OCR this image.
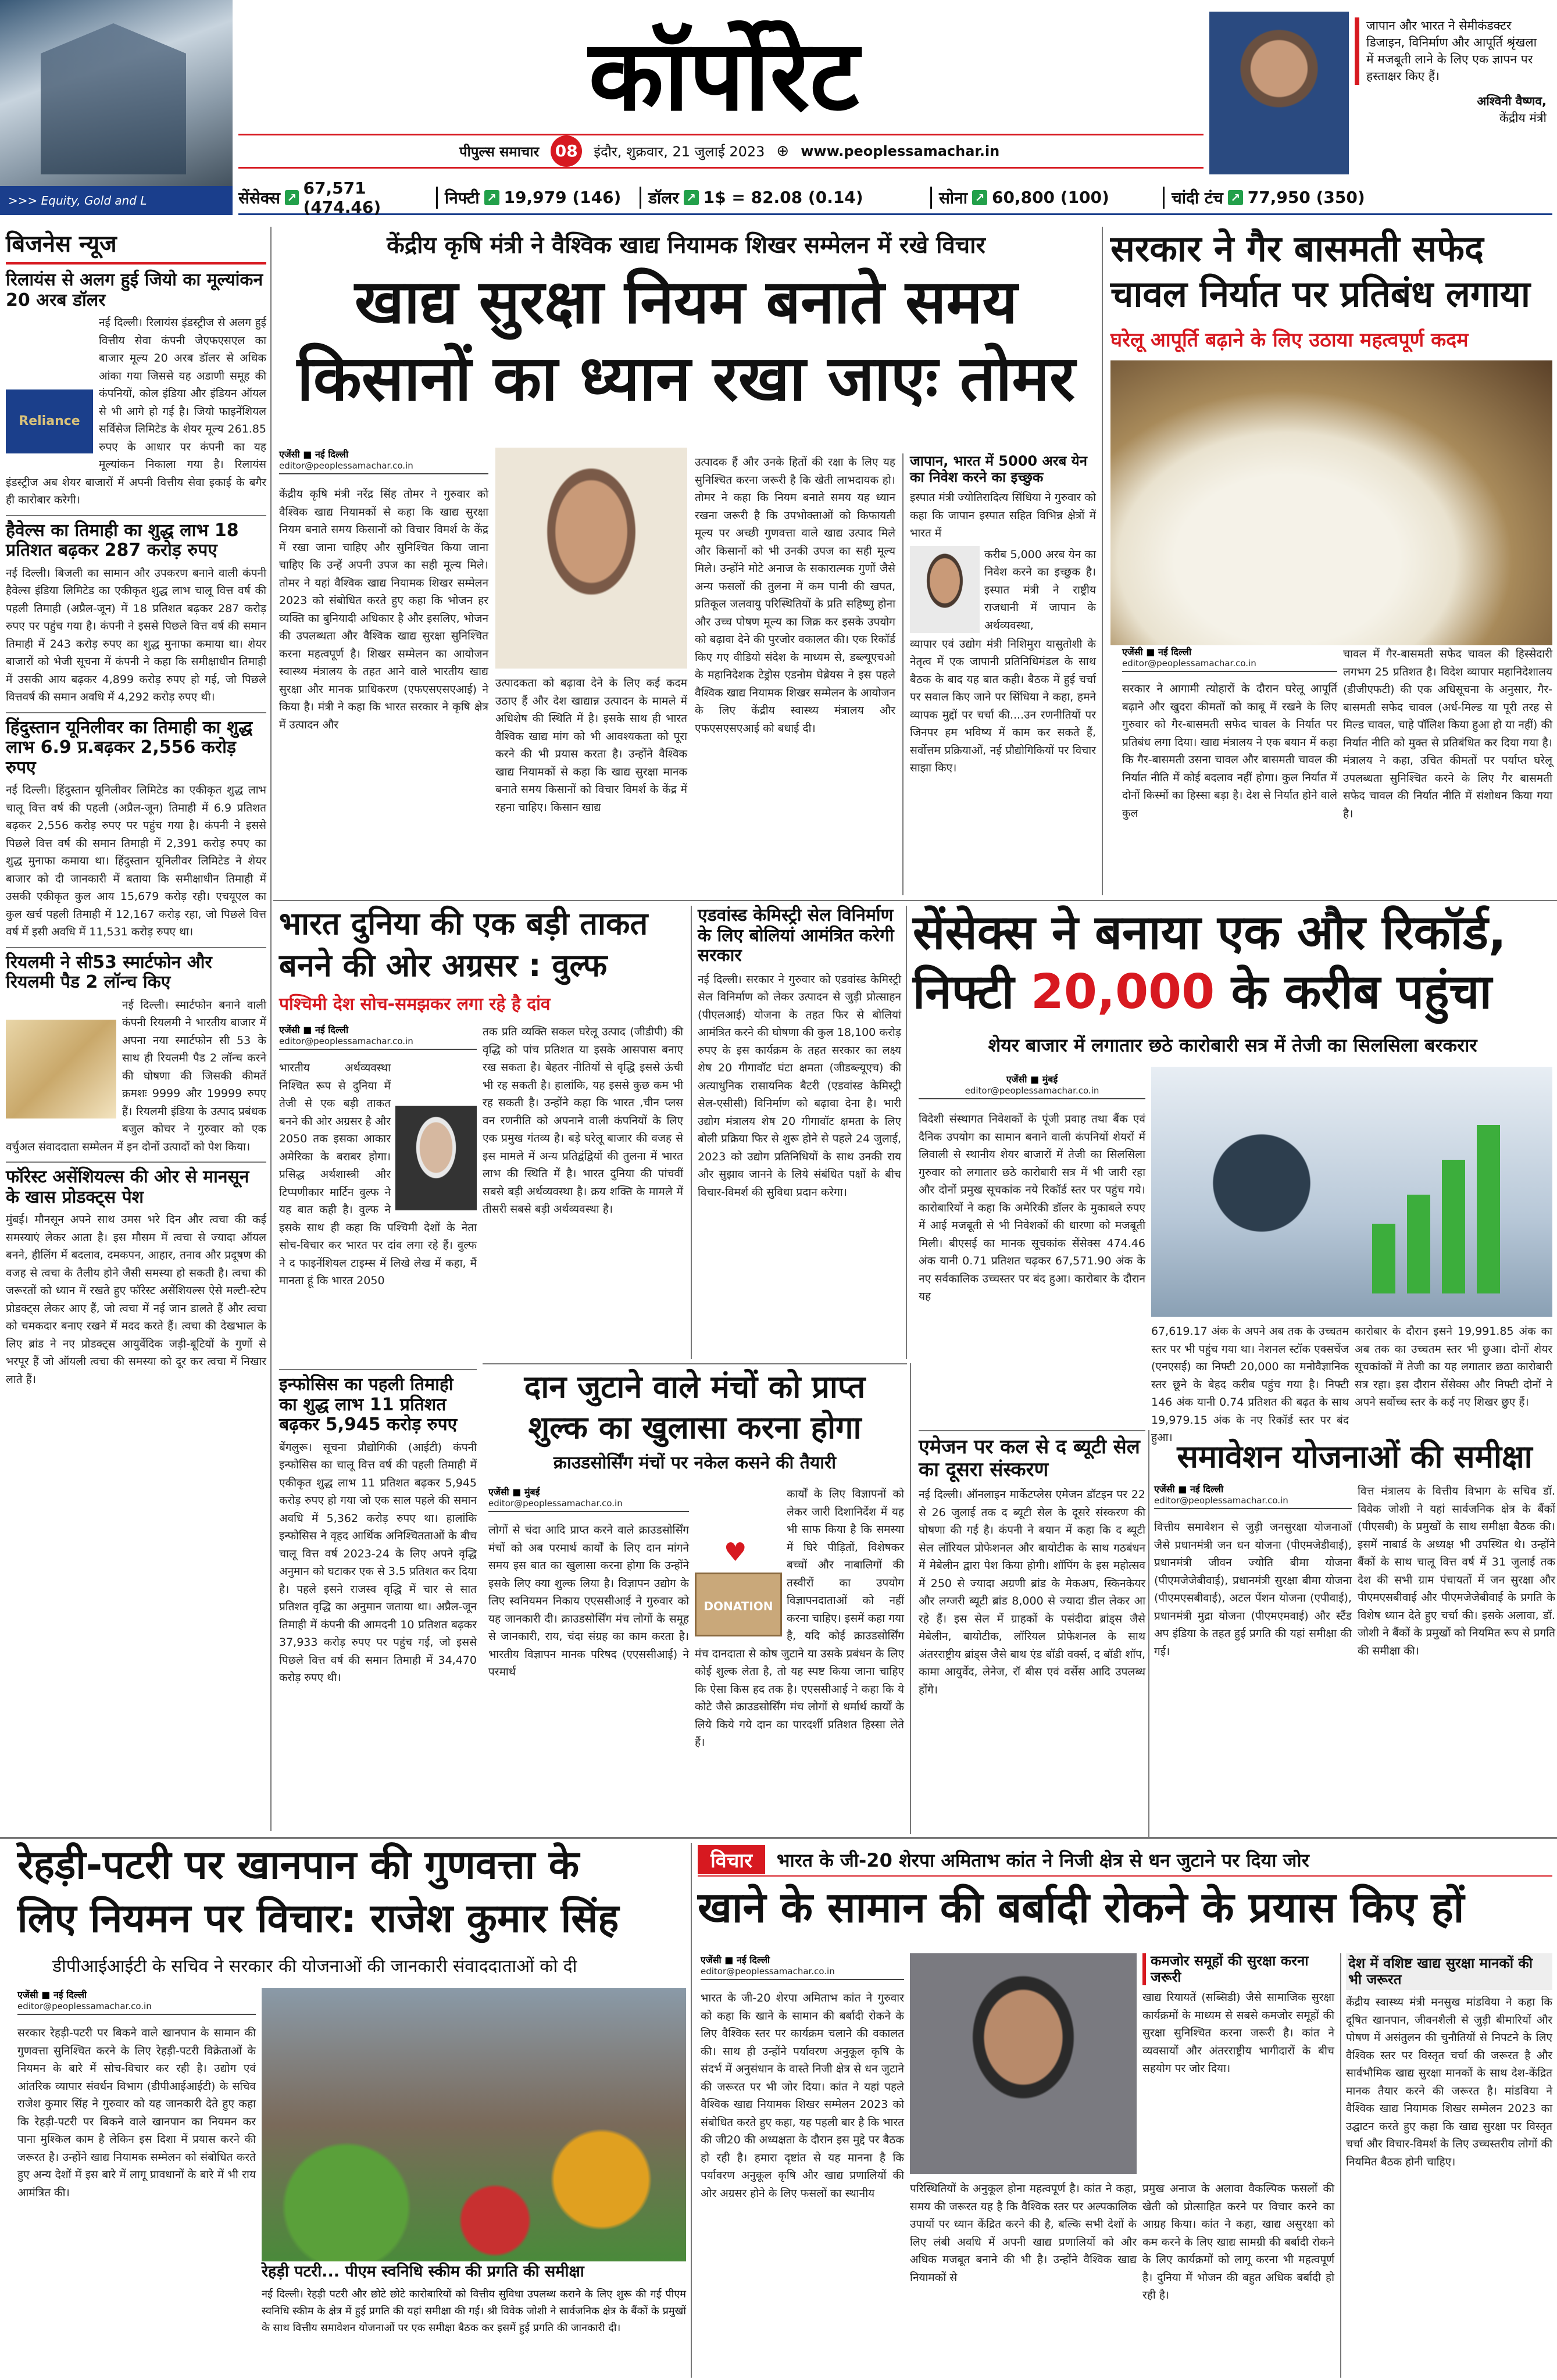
>>> Equity, Gold and L
कॉर्पोरेट
पीपुल्स समाचार 08	इंदौर, शुक्रवार, 21 जुलाई 2023 ⊕ www.peoplessamachar.in
जापान और भारत ने सेमीकंडक्टर डिजाइन, विनिर्माण और आपूर्ति श्रृंखला में मजबूती लाने के लिए एक ज्ञापन पर हस्ताक्षर किए हैं।
अश्विनी वैष्णव,
केंद्रीय मंत्री
सेंसेक्स ↗ 67,571 (474.46)	निफ्टी ↗ 19,979 (146) डॉलर ↗ 1$ = 82.08 (0.14)	सोना ↗ 60,800 (100)	चांदी टंच ↗ 77,950 (350)
बिजनेस न्यूज
रिलायंस से अलग हुई जियो का मूल्यांकन 20 अरब डॉलर
Reliance
नई दिल्ली। रिलायंस इंडस्ट्रीज से अलग हुई वित्तीय सेवा कंपनी जेएफएसएल का बाजार मूल्य 20 अरब डॉलर से अधिक आंका गया जिससे यह अडाणी समूह की कंपनियों, कोल इंडिया और इंडियन ऑयल से भी आगे हो गई है। जियो फाइनेंशियल सर्विसेज लिमिटेड के शेयर मूल्य 261.85 रुपए के आधार पर कंपनी का यह मूल्यांकन निकाला गया है। रिलायंस इंडस्ट्रीज अब शेयर बाजारों में अपनी वित्तीय सेवा इकाई के बगैर ही कारोबार करेगी।
हैवेल्स का तिमाही का शुद्ध लाभ 18 प्रतिशत बढ़कर 287 करोड़ रुपए
नई दिल्ली। बिजली का सामान और उपकरण बनाने वाली कंपनी हैवेल्स इंडिया लिमिटेड का एकीकृत शुद्ध लाभ चालू वित्त वर्ष की पहली तिमाही (अप्रैल-जून) में 18 प्रतिशत बढ़कर 287 करोड़ रुपए पर पहुंच गया है। कंपनी ने इससे पिछले वित्त वर्ष की समान तिमाही में 243 करोड़ रुपए का शुद्ध मुनाफा कमाया था। शेयर बाजारों को भेजी सूचना में कंपनी ने कहा कि समीक्षाधीन तिमाही में उसकी आय बढ़कर 4,899 करोड़ रुपए हो गई, जो पिछले वित्तवर्ष की समान अवधि में 4,292 करोड़ रुपए थी।
हिंदुस्तान यूनिलीवर का तिमाही का शुद्ध लाभ 6.9 प्र.बढ़कर 2,556 करोड़ रुपए
नई दिल्ली। हिंदुस्तान यूनिलीवर लिमिटेड का एकीकृत शुद्ध लाभ चालू वित्त वर्ष की पहली (अप्रैल-जून) तिमाही में 6.9 प्रतिशत बढ़कर 2,556 करोड़ रुपए पर पहुंच गया है। कंपनी ने इससे पिछले वित्त वर्ष की समान तिमाही में 2,391 करोड़ रुपए का शुद्ध मुनाफा कमाया था। हिंदुस्तान यूनिलीवर लिमिटेड ने शेयर बाजार को दी जानकारी में बताया कि समीक्षाधीन तिमाही में उसकी एकीकृत कुल आय 15,679 करोड़ रही। एचयूएल का कुल खर्च पहली तिमाही में 12,167 करोड़ रहा, जो पिछले वित्त वर्ष में इसी अवधि में 11,531 करोड़ रुपए था।
रियलमी ने सी53 स्मार्टफोन और रियलमी पैड 2 लॉन्च किए
नई दिल्ली। स्मार्टफोन बनाने वाली कंपनी रियलमी ने भारतीय बाजार में अपना नया स्मार्टफोन सी 53 के साथ ही रियलमी पैड 2 लॉन्च करने की घोषणा की जिसकी कीमतें क्रमशः 9999 और 19999 रुपए हैं। रियलमी इंडिया के उत्पाद प्रबंधक बजुल कोचर ने गुरुवार को एक वर्चुअल संवाददाता सम्मेलन में इन दोनों उत्पादों को पेश किया।
फॉरेस्ट असेंशियल्स की ओर से मानसून के खास प्रोडक्ट्स पेश
मुंबई। मौनसून अपने साथ उमस भरे दिन और त्वचा की कई समस्याएं लेकर आता है। इस मौसम में त्वचा से ज्यादा ऑयल बनने, हीलिंग में बदलाव, दमकपन, आहार, तनाव और प्रदूषण की वजह से त्वचा के तैलीय होने जैसी समस्या हो सकती है। त्वचा की जरूरतों को ध्यान में रखते हुए फॉरेस्ट असेंशियल्स ऐसे मल्टी-स्टेप प्रोडक्ट्स लेकर आए हैं, जो त्वचा में नई जान डालते हैं और त्वचा को चमकदार बनाए रखने में मदद करते हैं। त्वचा की देखभाल के लिए ब्रांड ने नए प्रोडक्ट्स आयुर्वेदिक जड़ी-बूटियों के गुणों से भरपूर हैं जो ऑयली त्वचा की समस्या को दूर कर त्वचा में निखार लाते हैं।
केंद्रीय कृषि मंत्री ने वैश्विक खाद्य नियामक शिखर सम्मेलन में रखे विचार
खाद्य सुरक्षा नियम बनाते समय
किसानों का ध्यान रखा जाएः तोमर
एजेंसी ■ नई दिल्ली
editor@peoplessamachar.co.in
केंद्रीय कृषि मंत्री नरेंद्र सिंह तोमर ने गुरुवार को वैश्विक खाद्य नियामकों से कहा कि खाद्य सुरक्षा नियम बनाते समय किसानों को विचार विमर्श के केंद्र में रखा जाना चाहिए और सुनिश्चित किया जाना चाहिए कि उन्हें अपनी उपज का सही मूल्य मिले। तोमर ने यहां वैश्विक खाद्य नियामक शिखर सम्मेलन 2023 को संबोधित करते हुए कहा कि भोजन हर व्यक्ति का बुनियादी अधिकार है और इसलिए, भोजन की उपलब्धता और वैश्विक खाद्य सुरक्षा सुनिश्चित करना महत्वपूर्ण है। शिखर सम्मेलन का आयोजन स्वास्थ्य मंत्रालय के तहत आने वाले भारतीय खाद्य सुरक्षा और मानक प्राधिकरण (एफएसएसएआई) ने किया है। मंत्री ने कहा कि भारत सरकार ने कृषि क्षेत्र में उत्पादन और
उत्पादकता को बढ़ावा देने के लिए कई कदम उठाए हैं और देश खाद्यान्न उत्पादन के मामले में अधिशेष की स्थिति में है। इसके साथ ही भारत वैश्विक खाद्य मांग को भी आवश्यकता को पूरा करने की भी प्रयास करता है। उन्होंने वैश्विक खाद्य नियामकों से कहा कि खाद्य सुरक्षा मानक बनाते समय किसानों को विचार विमर्श के केंद्र में रहना चाहिए। किसान खाद्य
उत्पादक हैं और उनके हितों की रक्षा के लिए यह सुनिश्चित करना जरूरी है कि खेती लाभदायक हो। तोमर ने कहा कि नियम बनाते समय यह ध्यान रखना जरूरी है कि उपभोक्ताओं को किफायती मूल्य पर अच्छी गुणवत्ता वाले खाद्य उत्पाद मिले और किसानों को भी उनकी उपज का सही मूल्य मिले। उन्होंने मोटे अनाज के सकारात्मक गुणों जैसे अन्य फसलों की तुलना में कम पानी की खपत, प्रतिकूल जलवायु परिस्थितियों के प्रति सहिष्णु होना और उच्च पोषण मूल्य का जिक्र कर इसके उपयोग को बढ़ावा देने की पुरजोर वकालत की। एक रिकॉर्ड किए गए वीडियो संदेश के माध्यम से, डब्ल्यूएचओ के महानिदेशक टेड्रोस एडनोम घेब्रेयस ने इस पहले वैश्विक खाद्य नियामक शिखर सम्मेलन के आयोजन के लिए केंद्रीय स्वास्थ्य मंत्रालय और एफएसएसएआई को बधाई दी।
जापान, भारत में 5000 अरब येन का निवेश करने का इच्छुक
इस्पात मंत्री ज्योतिरादित्य सिंधिया ने गुरुवार को कहा कि जापान इस्पात सहित विभिन्न क्षेत्रों में भारत में
करीब 5,000 अरब येन का निवेश करने का इच्छुक है। इस्पात मंत्री ने राष्ट्रीय राजधानी में जापान के अर्थव्यवस्था,
व्यापार एवं उद्योग मंत्री निशिमुरा यासुतोशी के नेतृत्व में एक जापानी प्रतिनिधिमंडल के साथ बैठक के बाद यह बात कही। बैठक में हुई चर्चा पर सवाल किए जाने पर सिंधिया ने कहा, हमने व्यापक मुद्दों पर चर्चा की....उन रणनीतियों पर जिनपर हम भविष्य में काम कर सकते हैं, सर्वोत्तम प्रक्रियाओं, नई प्रौद्योगिकियों पर विचार साझा किए।
सरकार ने गैर बासमती सफेद
चावल निर्यात पर प्रतिबंध लगाया
घरेलू आपूर्ति बढ़ाने के लिए उठाया महत्वपूर्ण कदम
एजेंसी ■ नई दिल्ली
editor@peoplessamachar.co.in
सरकार ने आगामी त्योहारों के दौरान घरेलू आपूर्ति बढ़ाने और खुदरा कीमतों को काबू में रखने के लिए गुरुवार को गैर-बासमती सफेद चावल के निर्यात पर प्रतिबंध लगा दिया। खाद्य मंत्रालय ने एक बयान में कहा कि गैर-बासमती उसना चावल और बासमती चावल की निर्यात नीति में कोई बदलाव नहीं होगा। कुल निर्यात में दोनों किस्मों का हिस्सा बड़ा है। देश से निर्यात होने वाले कुल
चावल में गैर-बासमती सफेद चावल की हिस्सेदारी लगभग 25 प्रतिशत है। विदेश व्यापार महानिदेशालय (डीजीएफटी) की एक अधिसूचना के अनुसार, गैर-बासमती सफेद चावल (अर्ध-मिल्ड या पूरी तरह से मिल्ड चावल, चाहे पॉलिश किया हुआ हो या नहीं) की निर्यात नीति को मुक्त से प्रतिबंधित कर दिया गया है। मंत्रालय ने कहा, उचित कीमतों पर पर्याप्त घरेलू उपलब्धता सुनिश्चित करने के लिए गैर बासमती सफेद चावल की निर्यात नीति में संशोधन किया गया है।
भारत दुनिया की एक बड़ी ताकत
बनने की ओर अग्रसर : वुल्फ
पश्चिमी देश सोच-समझकर लगा रहे है दांव
एजेंसी ■ नई दिल्ली
editor@peoplessamachar.co.in
भारतीय अर्थव्यवस्था निश्चित रूप से दुनिया में तेजी से एक बड़ी ताकत बनने की ओर अग्रसर है और 2050 तक इसका आकार अमेरिका के बराबर होगा। प्रसिद्ध अर्थशास्त्री और टिप्पणीकार मार्टिन वुल्फ ने यह बात कही है। वुल्फ ने इसके साथ ही कहा कि पश्चिमी देशों के नेता सोच-विचार कर भारत पर दांव लगा रहे हैं। वुल्फ ने द फाइनेंशियल टाइम्स में लिखे लेख में कहा, मैं मानता हूं कि भारत 2050
तक प्रति व्यक्ति सकल घरेलू उत्पाद (जीडीपी) की वृद्धि को पांच प्रतिशत या इसके आसपास बनाए रख सकता है। बेहतर नीतियों से वृद्धि इससे ऊंची भी रह सकती है। हालांकि, यह इससे कुछ कम भी रह सकती है। उन्होंने कहा कि भारत ,चीन प्लस वन रणनीति को अपनाने वाली कंपनियों के लिए एक प्रमुख गंतव्य है। बड़े घरेलू बाजार की वजह से इस मामले में अन्य प्रतिद्वंद्वियों की तुलना में भारत लाभ की स्थिति में है। भारत दुनिया की पांचवीं सबसे बड़ी अर्थव्यवस्था है। क्रय शक्ति के मामले में तीसरी सबसे बड़ी अर्थव्यवस्था है।
इन्फोसिस का पहली तिमाही का शुद्ध लाभ 11 प्रतिशत बढ़कर 5,945 करोड़ रुपए
बेंगलुरू। सूचना प्रौद्योगिकी (आईटी) कंपनी इन्फोसिस का चालू वित्त वर्ष की पहली तिमाही में एकीकृत शुद्ध लाभ 11 प्रतिशत बढ़कर 5,945 करोड़ रुपए हो गया जो एक साल पहले की समान अवधि में 5,362 करोड़ रुपए था। हालांकि इन्फोसिस ने वृहद आर्थिक अनिश्चितताओं के बीच चालू वित्त वर्ष 2023-24 के लिए अपने वृद्धि अनुमान को घटाकर एक से 3.5 प्रतिशत कर दिया है। पहले इसने राजस्व वृद्धि में चार से सात प्रतिशत वृद्धि का अनुमान जताया था। अप्रैल-जून तिमाही में कंपनी की आमदनी 10 प्रतिशत बढ़कर 37,933 करोड़ रुपए पर पहुंच गई, जो इससे पिछले वित्त वर्ष की समान तिमाही में 34,470 करोड़ रुपए थी।
एडवांस्ड केमिस्ट्री सेल विनिर्माण के लिए बोलियां आमंत्रित करेगी सरकार
नई दिल्ली। सरकार ने गुरुवार को एडवांस्ड केमिस्ट्री सेल विनिर्माण को लेकर उत्पादन से जुड़ी प्रोत्साहन (पीएलआई) योजना के तहत फिर से बोलियां आमंत्रित करने की घोषणा की कुल 18,100 करोड़ रुपए के इस कार्यक्रम के तहत सरकार का लक्ष्य शेष 20 गीगावॉट घंटा क्षमता (जीडब्ल्यूएच) की अत्याधुनिक रासायनिक बैटरी (एडवांस्ड केमिस्ट्री सेल-एसीसी) विनिर्माण को बढ़ावा देना है। भारी उद्योग मंत्रालय शेष 20 गीगावॉट क्षमता के लिए बोली प्रक्रिया फिर से शुरू होने से पहले 24 जुलाई, 2023 को उद्योग प्रतिनिधियों के साथ उनकी राय और सुझाव जानने के लिये संबंधित पक्षों के बीच विचार-विमर्श की सुविधा प्रदान करेगा।
सेंसेक्स ने बनाया एक और रिकॉर्ड,
निफ्टी 20,000 के करीब पहुंचा
शेयर बाजार में लगातार छठे कारोबारी सत्र में तेजी का सिलसिला बरकरार
एजेंसी ■ मुंबई
editor@peoplessamachar.co.in
विदेशी संस्थागत निवेशकों के पूंजी प्रवाह तथा बैंक एवं दैनिक उपयोग का सामान बनाने वाली कंपनियों शेयरों में लिवाली से स्थानीय शेयर बाजारों में तेजी का सिलसिला गुरुवार को लगातार छठे कारोबारी सत्र में भी जारी रहा और दोनों प्रमुख सूचकांक नये रिकॉर्ड स्तर पर पहुंच गये। कारोबारियों ने कहा कि अमेरिकी डॉलर के मुकाबले रुपए में आई मजबूती से भी निवेशकों की धारणा को मजबूती मिली। बीएसई का मानक सूचकांक सेंसेक्स 474.46 अंक यानी 0.71 प्रतिशत चढ़कर 67,571.90 अंक के नए सर्वकालिक उच्चस्तर पर बंद हुआ। कारोबार के दौरान यह
67,619.17 अंक के अपने अब तक के उच्चतम स्तर पर भी पहुंच गया था। नेशनल स्टॉक एक्सचेंज (एनएसई) का निफ्टी 20,000 का मनोवैज्ञानिक स्तर छूने के बेहद करीब पहुंच गया है। निफ्टी 146 अंक यानी 0.74 प्रतिशत की बढ़त के साथ 19,979.15 अंक के नए रिकॉर्ड स्तर पर बंद हुआ।
कारोबार के दौरान इसने 19,991.85 अंक का अब तक का उच्चतम स्तर भी छुआ। दोनों शेयर सूचकांकों में तेजी का यह लगातार छठा कारोबारी सत्र रहा। इस दौरान सेंसेक्स और निफ्टी दोनों ने अपने सर्वोच्च स्तर के कई नए शिखर छुए हैं।
दान जुटाने वाले मंचों को प्राप्त
शुल्क का खुलासा करना होगा
क्राउडसोर्सिंग मंचों पर नकेल कसने की तैयारी
एजेंसी ■ मुंबई
editor@peoplessamachar.co.in
लोगों से चंदा आदि प्राप्त करने वाले क्राउडसोर्सिंग मंचों को अब परमार्थ कार्यों के लिए दान मांगने समय इस बात का खुलासा करना होगा कि उन्होंने इसके लिए क्या शुल्क लिया है। विज्ञापन उद्योग के लिए स्वनियमन निकाय एएससीआई ने गुरुवार को यह जानकारी दी। क्राउडसोर्सिंग मंच लोगों के समूह से जानकारी, राय, चंदा संग्रह का काम करता है। भारतीय विज्ञापन मानक परिषद (एएससीआई) ने परमार्थ
♥
DONATION
कार्यों के लिए विज्ञापनों को लेकर जारी दिशानिर्देश में यह भी साफ किया है कि समस्या में घिरे पीड़ितों, विशेषकर बच्चों और नाबालिगों की तस्वीरों का उपयोग विज्ञापनदाताओं को नहीं करना चाहिए। इसमें कहा गया है, यदि कोई क्राउडसोर्सिंग मंच दानदाता से कोष जुटाने या उसके प्रबंधन के लिए कोई शुल्क लेता है, तो यह स्पष्ट किया जाना चाहिए कि ऐसा किस हद तक है। एएससीआई ने कहा कि ये कोटे जैसे क्राउडसोर्सिंग मंच लोगों से धर्मार्थ कार्यों के लिये किये गये दान का पारदर्शी प्रतिशत हिस्सा लेते हैं।
एमेजन पर कल से द ब्यूटी सेल का दूसरा संस्करण
नई दिल्ली। ऑनलाइन मार्केटप्लेस एमेजन डॉटइन पर 22 से 26 जुलाई तक द ब्यूटी सेल के दूसरे संस्करण की घोषणा की गई है। कंपनी ने बयान में कहा कि द ब्यूटी सेल लॉरियल प्रोफेशनल और बायोटीक के साथ गठबंधन में मेबेलीन द्वारा पेश किया होगी। शॉपिंग के इस महोत्सव में 250 से ज्यादा अग्रणी ब्रांड के मेकअप, स्किनकेयर और लग्जरी ब्यूटी ब्रांड 8,000 से ज्यादा डील लेकर आ रहे हैं। इस सेल में ग्राहकों के पसंदीदा ब्रांड्स जैसे मेबेलीन, बायोटीक, लॉरियल प्रोफेशनल के साथ अंतरराष्ट्रीय ब्रांड्स जैसे बाथ एंड बॉडी वर्क्स, द बॉडी शॉप, कामा आयुर्वेद, लेनेज, रॉ बीस एवं वर्सेस आदि उपलब्ध होंगे।
समावेशन योजनाओं की समीक्षा
एजेंसी ■ नई दिल्ली
editor@peoplessamachar.co.in
वित्तीय समावेशन से जुड़ी जनसुरक्षा योजनाओं जैसे प्रधानमंत्री जन धन योजना (पीएमजेडीवाई), प्रधानमंत्री जीवन ज्योति बीमा योजना (पीएमजेजेबीवाई), प्रधानमंत्री सुरक्षा बीमा योजना (पीएमएसबीवाई), अटल पेंशन योजना (एपीवाई), प्रधानमंत्री मुद्रा योजना (पीएमएमवाई) और स्टैंड अप इंडिया के तहत हुई प्रगति की यहां समीक्षा की गई।
वित्त मंत्रालय के वित्तीय विभाग के सचिव डॉ. विवेक जोशी ने यहां सार्वजनिक क्षेत्र के बैंकों (पीएसबी) के प्रमुखों के साथ समीक्षा बैठक की। इसमें नाबार्ड के अध्यक्ष भी उपस्थित थे। उन्होंने बैंकों के साथ चालू वित्त वर्ष में 31 जुलाई तक देश की सभी ग्राम पंचायतों में जन सुरक्षा और पीएमएसबीवाई और पीएमजेजेबीवाई के प्रगति के विशेष ध्यान देते हुए चर्चा की। इसके अलावा, डॉ. जोशी ने बैंकों के प्रमुखों को नियमित रूप से प्रगति की समीक्षा की।
रेहड़ी-पटरी पर खानपान की गुणवत्ता के
लिए नियमन पर विचार: राजेश कुमार सिंह
डीपीआईआईटी के सचिव ने सरकार की योजनाओं की जानकारी संवाददाताओं को दी
एजेंसी ■ नई दिल्ली
editor@peoplessamachar.co.in
सरकार रेहड़ी-पटरी पर बिकने वाले खानपान के सामान की गुणवत्ता सुनिश्चित करने के लिए रेहड़ी-पटरी विक्रेताओं के नियमन के बारे में सोच-विचार कर रही है। उद्योग एवं आंतरिक व्यापार संवर्धन विभाग (डीपीआईआईटी) के सचिव राजेश कुमार सिंह ने गुरुवार को यह जानकारी देते हुए कहा कि रेहड़ी-पटरी पर बिकने वाले खानपान का नियमन कर पाना मुश्किल काम है लेकिन इस दिशा में प्रयास करने की जरूरत है। उन्होंने खाद्य नियामक सम्मेलन को संबोधित करते हुए अन्य देशों में इस बारे में लागू प्रावधानों के बारे में भी राय आमंत्रित की।
रेहड़ी पटरी... पीएम स्वनिधि स्कीम की प्रगति की समीक्षा
नई दिल्ली। रेहड़ी पटरी और छोटे छोटे कारोबारियों को वित्तीय सुविधा उपलब्ध कराने के लिए शुरू की गई पीएम स्वनिधि स्कीम के क्षेत्र में हुई प्रगति की यहां समीक्षा की गई। श्री विवेक जोशी ने सार्वजनिक क्षेत्र के बैंकों के प्रमुखों के साथ वित्तीय समावेशन योजनाओं पर एक समीक्षा बैठक कर इसमें हुई प्रगति की जानकारी दी।
विचार	भारत के जी-20 शेरपा अमिताभ कांत ने निजी क्षेत्र से धन जुटाने पर दिया जोर
खाने के सामान की बर्बादी रोकने के प्रयास किए हों
एजेंसी ■ नई दिल्ली
editor@peoplessamachar.co.in
भारत के जी-20 शेरपा अमिताभ कांत ने गुरुवार को कहा कि खाने के सामान की बर्बादी रोकने के लिए वैश्विक स्तर पर कार्यक्रम चलाने की वकालत की। साथ ही उन्होंने पर्यावरण अनुकूल कृषि के संदर्भ में अनुसंधान के वास्ते निजी क्षेत्र से धन जुटाने की जरूरत पर भी जोर दिया। कांत ने यहां पहले वैश्विक खाद्य नियामक शिखर सम्मेलन 2023 को संबोधित करते हुए कहा, यह पहली बार है कि भारत की जी20 की अध्यक्षता के दौरान इस मुद्दे पर बैठक हो रही है। हमारा दृष्टांत से यह मानना है कि पर्यावरण अनुकूल कृषि और खाद्य प्रणालियों की ओर अग्रसर होने के लिए फसलों का स्थानीय
कमजोर समूहों की सुरक्षा करना जरूरी
खाद्य रियायतें (सब्सिडी) जैसे सामाजिक सुरक्षा कार्यक्रमों के माध्यम से सबसे कमजोर समूहों की सुरक्षा सुनिश्चित करना जरूरी है। कांत ने व्यवसायों और अंतरराष्ट्रीय भागीदारों के बीच सहयोग पर जोर दिया।
परिस्थितियों के अनुकूल होना महत्वपूर्ण है। कांत ने कहा, समय की जरूरत यह है कि वैश्विक स्तर पर अल्पकालिक उपायों पर ध्यान केंद्रित करने की है, बल्कि सभी देशों के लिए लंबी अवधि में अपनी खाद्य प्रणालियों को और अधिक मजबूत बनाने की भी है। उन्होंने वैश्विक खाद्य नियामकों से
प्रमुख अनाज के अलावा वैकल्पिक फसलों की खेती को प्रोत्साहित करने पर विचार करने का आग्रह किया। कांत ने कहा, खाद्य असुरक्षा को कम करने के लिए खाद्य सामग्री की बर्बादी रोकने के लिए कार्यक्रमों को लागू करना भी महत्वपूर्ण है। दुनिया में भोजन की बहुत अधिक बर्बादी हो रही है।
देश में वशिष्ट खाद्य सुरक्षा मानकों की भी जरूरत
केंद्रीय स्वास्थ्य मंत्री मनसुख मांडविया ने कहा कि दूषित खानपान, जीवनशैली से जुड़ी बीमारियों और पोषण में असंतुलन की चुनौतियों से निपटने के लिए वैश्विक स्तर पर विस्तृत चर्चा की जरूरत है और सार्वभौमिक खाद्य सुरक्षा मानकों के साथ देश-केंद्रित मानक तैयार करने की जरूरत है। मांडविया ने वैश्विक खाद्य नियामक शिखर सम्मेलन 2023 का उद्घाटन करते हुए कहा कि खाद्य सुरक्षा पर विस्तृत चर्चा और विचार-विमर्श के लिए उच्चस्तरीय लोगों की नियमित बैठक होनी चाहिए।
